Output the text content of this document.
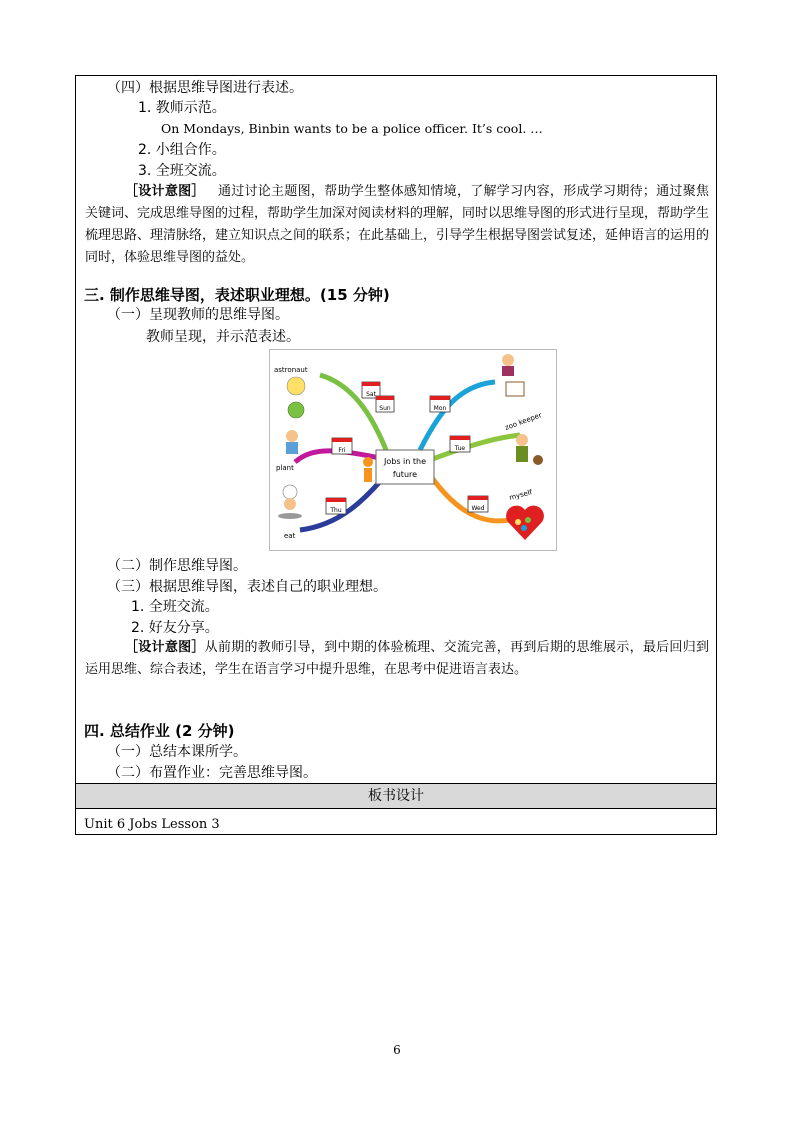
板书设计
（四）根据思维导图进行表述。
1. 教师示范。
On Mondays, Binbin wants to be a police officer. It’s cool. …
2. 小组合作。
3. 全班交流。
［设计意图］ 通过讨论主题图，帮助学生整体感知情境，了解学习内容，形成学习期待；通过聚焦关键词、完成思维导图的过程，帮助学生加深对阅读材料的理解，同时以思维导图的形式进行呈现，帮助学生梳理思路、理清脉络，建立知识点之间的联系；在此基础上，引导学生根据导图尝试复述，延伸语言的运用的同时，体验思维导图的益处。
三. 制作思维导图，表述职业理想。(15 分钟)
（一）呈现教师的思维导图。
教师呈现，并示范表述。
Jobs in the
future
astronaut
plant
eat
zoo keeper
myself
Sat
Sun
Fri
Thu
Mon
Tue
Wed
（二）制作思维导图。
（三）根据思维导图，表述自己的职业理想。
1. 全班交流。
2. 好友分享。
［设计意图］从前期的教师引导，到中期的体验梳理、交流完善，再到后期的思维展示，最后回归到运用思维、综合表述，学生在语言学习中提升思维，在思考中促进语言表达。
四. 总结作业 (2 分钟)
（一）总结本课所学。
（二）布置作业：完善思维导图。
Unit 6 Jobs Lesson 3
6
